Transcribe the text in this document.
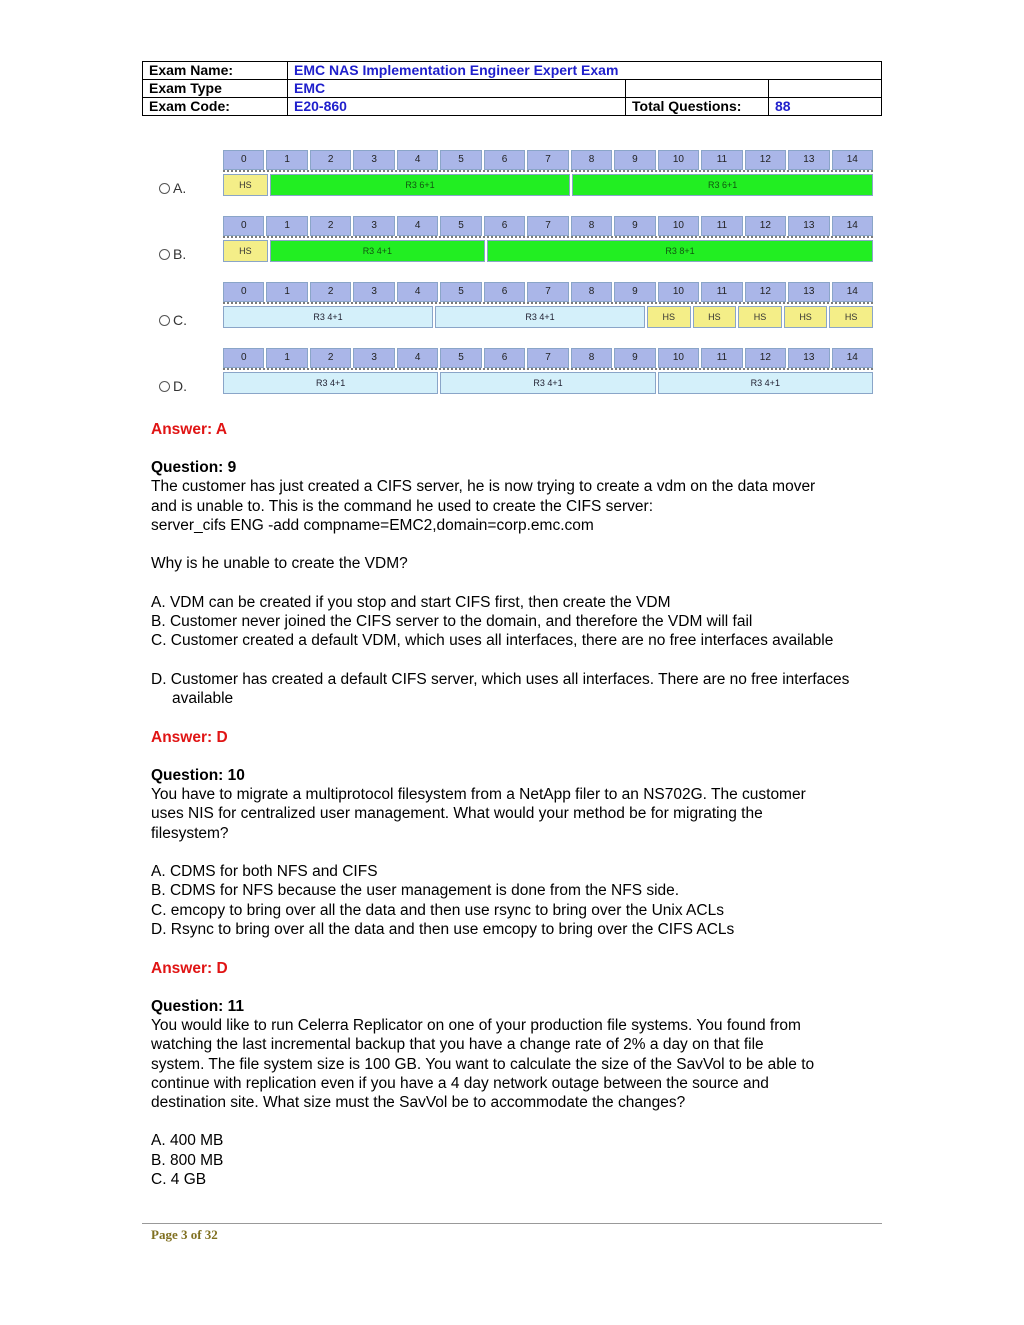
Exam Name:	EMC NAS Implementation Engineer Expert Exam		
Exam Type	EMC		
Exam Code:	E20-860	Total Questions:	88
0	1	2	3	4	5	6	7	8	9	10	11	12	13	14
HS	R3 6+1	R3 6+1
A.
0	1	2	3	4	5	6	7	8	9	10	11	12	13	14
HS	R3 4+1	R3 8+1
B.
0	1	2	3	4	5	6	7	8	9	10	11	12	13	14
R3 4+1	R3 4+1	HS	HS	HS	HS	HS
C.
0	1	2	3	4	5	6	7	8	9	10	11	12	13	14
R3 4+1	R3 4+1	R3 4+1
D.
Answer: A
Question: 9
The customer has just created a CIFS server, he is now trying to create a vdm on the data mover
and is unable to. This is the command he used to create the CIFS server:
server_cifs ENG -add compname=EMC2,domain=corp.emc.com
Why is he unable to create the VDM?
A. VDM can be created if you stop and start CIFS first, then create the VDM
B. Customer never joined the CIFS server to the domain, and therefore the VDM will fail
C. Customer created a default VDM, which uses all interfaces, there are no free interfaces available
D. Customer has created a default CIFS server, which uses all interfaces. There are no free interfaces available
Answer: D
Question: 10
You have to migrate a multiprotocol filesystem from a NetApp filer to an NS702G. The customer
uses NIS for centralized user management. What would your method be for migrating the
filesystem?
A. CDMS for both NFS and CIFS
B. CDMS for NFS because the user management is done from the NFS side.
C. emcopy to bring over all the data and then use rsync to bring over the Unix ACLs
D. Rsync to bring over all the data and then use emcopy to bring over the CIFS ACLs
Answer: D
Question: 11
You would like to run Celerra Replicator on one of your production file systems. You found from
watching the last incremental backup that you have a change rate of 2% a day on that file
system. The file system size is 100 GB. You want to calculate the size of the SavVol to be able to
continue with replication even if you have a 4 day network outage between the source and
destination site. What size must the SavVol be to accommodate the changes?
A. 400 MB
B. 800 MB
C. 4 GB
Page 3 of 32
